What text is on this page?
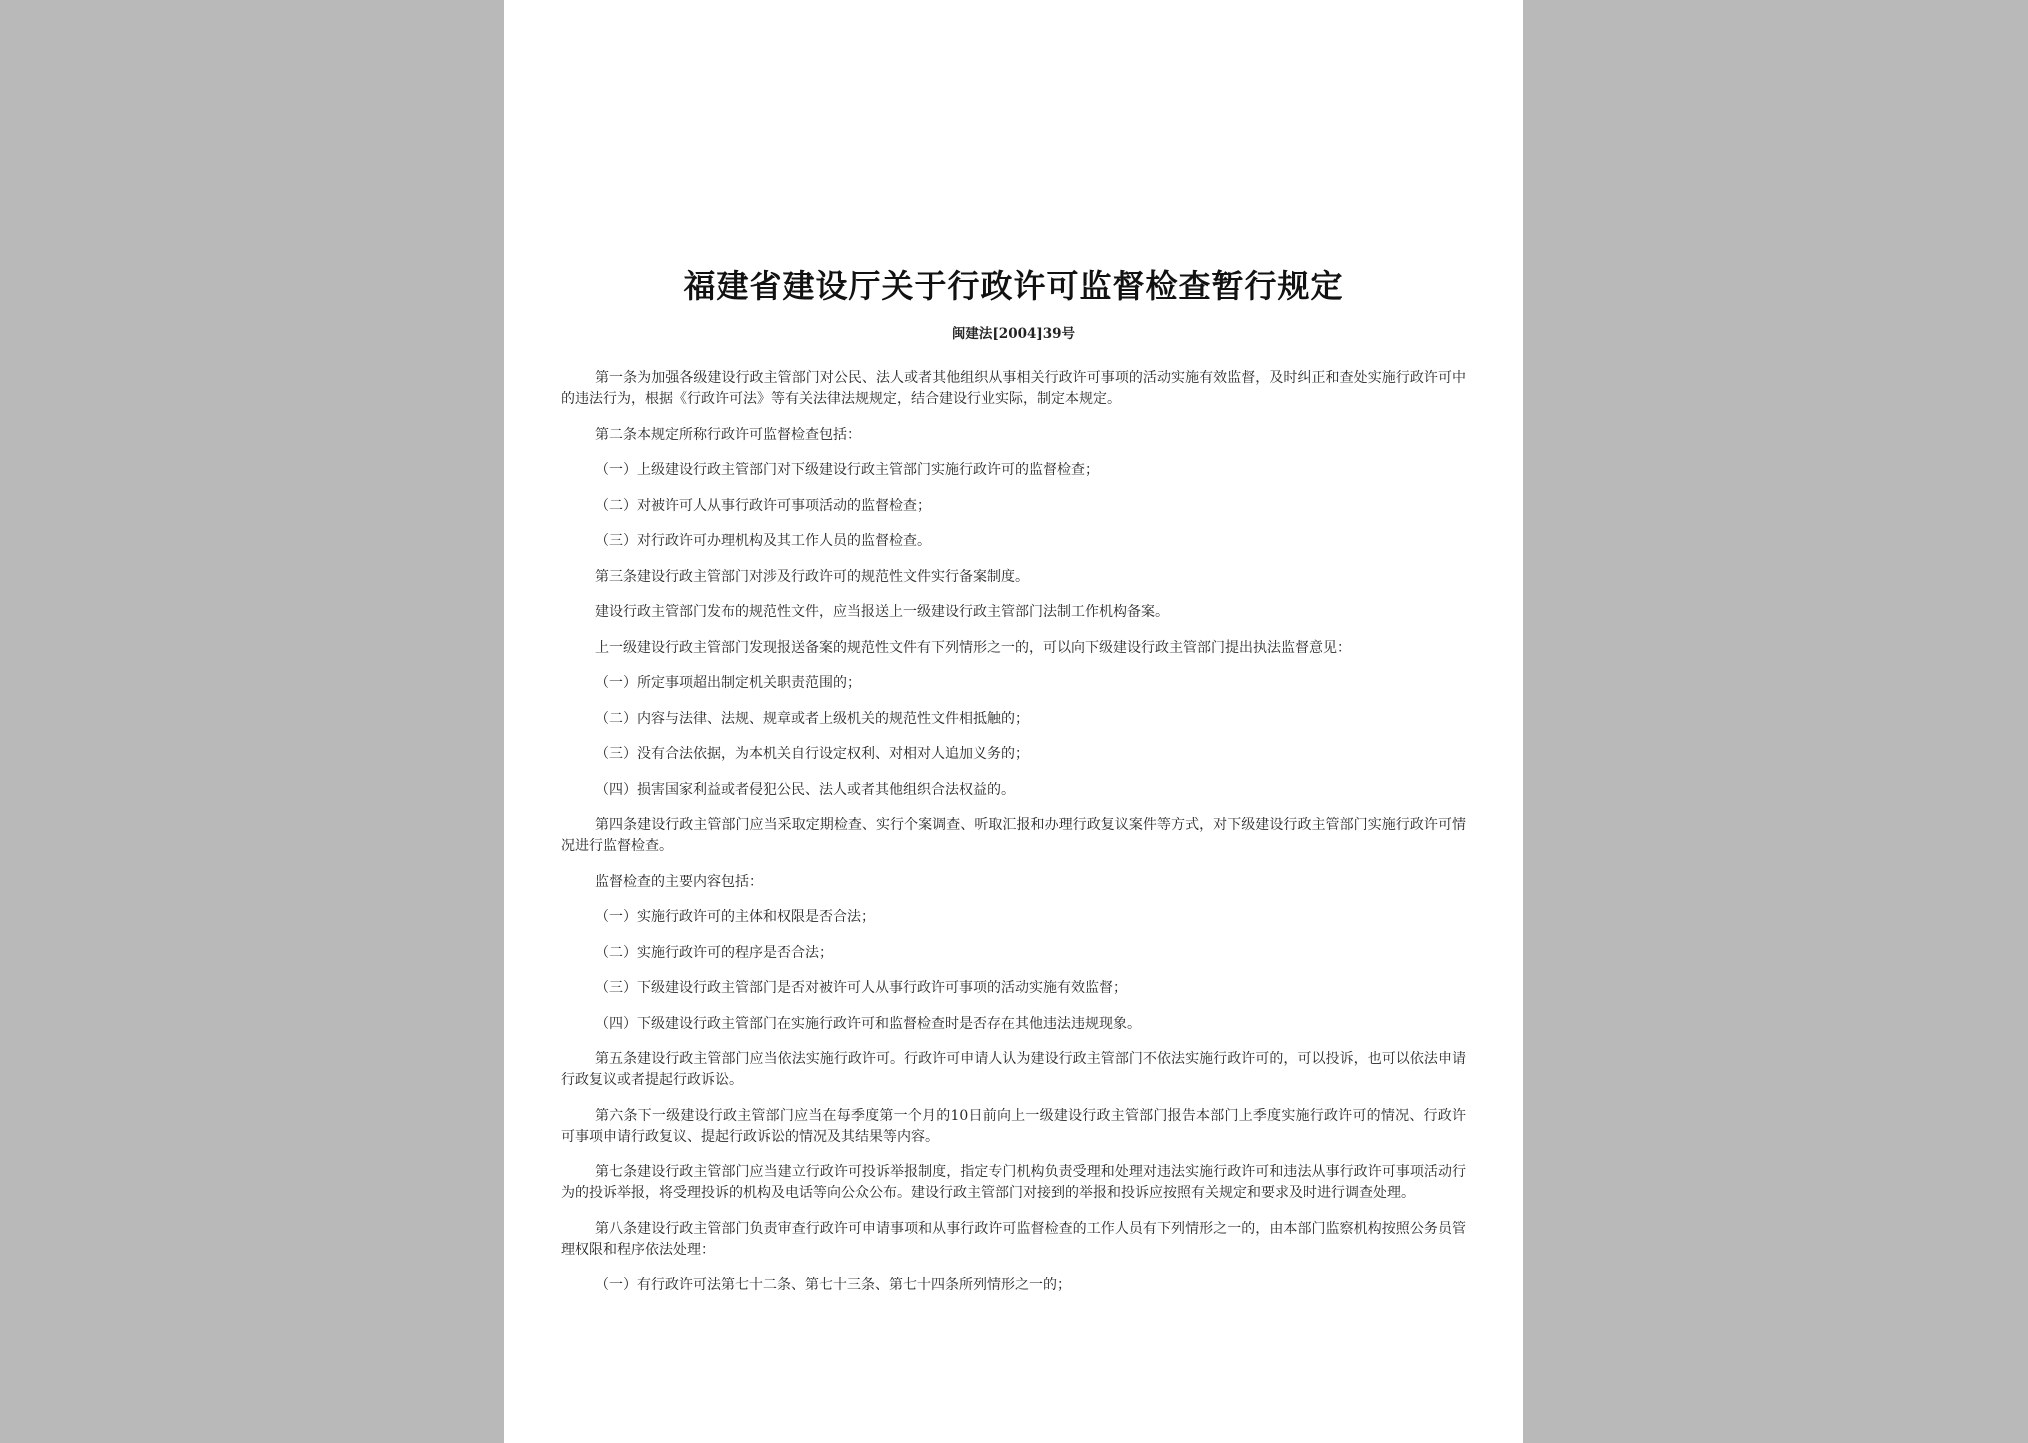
福建省建设厅关于行政许可监督检查暂行规定
闽建法[2004]39号

第一条为加强各级建设行政主管部门对公民、法人或者其他组织从事相关行政许可事项的活动实施有效监督，及时纠正和查处实施行政许可中的违法行为，根据《行政许可法》等有关法律法规规定，结合建设行业实际，制定本规定。

第二条本规定所称行政许可监督检查包括：

（一）上级建设行政主管部门对下级建设行政主管部门实施行政许可的监督检查；

（二）对被许可人从事行政许可事项活动的监督检查；

（三）对行政许可办理机构及其工作人员的监督检查。

第三条建设行政主管部门对涉及行政许可的规范性文件实行备案制度。

建设行政主管部门发布的规范性文件，应当报送上一级建设行政主管部门法制工作机构备案。

上一级建设行政主管部门发现报送备案的规范性文件有下列情形之一的，可以向下级建设行政主管部门提出执法监督意见：

（一）所定事项超出制定机关职责范围的；

（二）内容与法律、法规、规章或者上级机关的规范性文件相抵触的；

（三）没有合法依据，为本机关自行设定权利、对相对人追加义务的；

（四）损害国家利益或者侵犯公民、法人或者其他组织合法权益的。

第四条建设行政主管部门应当采取定期检查、实行个案调查、听取汇报和办理行政复议案件等方式，对下级建设行政主管部门实施行政许可情况进行监督检查。

监督检查的主要内容包括：

（一）实施行政许可的主体和权限是否合法；

（二）实施行政许可的程序是否合法；

（三）下级建设行政主管部门是否对被许可人从事行政许可事项的活动实施有效监督；

（四）下级建设行政主管部门在实施行政许可和监督检查时是否存在其他违法违规现象。

第五条建设行政主管部门应当依法实施行政许可。行政许可申请人认为建设行政主管部门不依法实施行政许可的，可以投诉，也可以依法申请行政复议或者提起行政诉讼。

第六条下一级建设行政主管部门应当在每季度第一个月的10日前向上一级建设行政主管部门报告本部门上季度实施行政许可的情况、行政许可事项申请行政复议、提起行政诉讼的情况及其结果等内容。

第七条建设行政主管部门应当建立行政许可投诉举报制度，指定专门机构负责受理和处理对违法实施行政许可和违法从事行政许可事项活动行为的投诉举报，将受理投诉的机构及电话等向公众公布。建设行政主管部门对接到的举报和投诉应按照有关规定和要求及时进行调查处理。

第八条建设行政主管部门负责审查行政许可申请事项和从事行政许可监督检查的工作人员有下列情形之一的，由本部门监察机构按照公务员管理权限和程序依法处理：

（一）有行政许可法第七十二条、第七十三条、第七十四条所列情形之一的；
